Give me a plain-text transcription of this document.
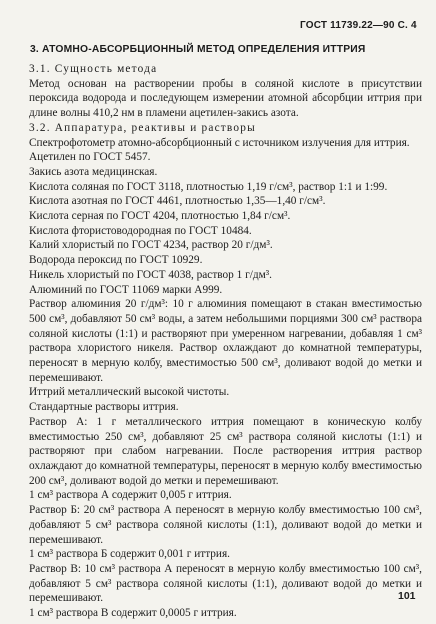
ГОСТ 11739.22—90 С. 4
3. АТОМНО-АБСОРБЦИОННЫЙ МЕТОД ОПРЕДЕЛЕНИЯ ИТТРИЯ

3.1. Сущность метода

Метод основан на растворении пробы в соляной кислоте в присутствии пероксида водорода и последующем измерении атомной абсорбции иттрия при длине волны 410,2 нм в пламени ацетилен-закись азота.

3.2. Аппаратура, реактивы и растворы

Спектрофотометр атомно-абсорбционный с источником излучения для иттрия.

Ацетилен по ГОСТ 5457.

Закись азота медицинская.

Кислота соляная по ГОСТ 3118, плотностью 1,19 г/см³, раствор 1:1 и 1:99.

Кислота азотная по ГОСТ 4461, плотностью 1,35—1,40 г/см³.

Кислота серная по ГОСТ 4204, плотностью 1,84 г/см³.

Кислота фтористоводородная по ГОСТ 10484.

Калий хлористый по ГОСТ 4234, раствор 20 г/дм³.

Водорода пероксид по ГОСТ 10929.

Никель хлористый по ГОСТ 4038, раствор 1 г/дм³.

Алюминий по ГОСТ 11069 марки А999.

Раствор алюминия 20 г/дм³: 10 г алюминия помещают в стакан вместимостью 500 см³, добавляют 50 см³ воды, а затем небольшими порциями 300 см³ раствора соляной кислоты (1:1) и растворяют при умеренном нагревании, добавляя 1 см³ раствора хлористого никеля. Раствор охлаждают до комнатной температуры, переносят в мерную колбу, вместимостью 500 см³, доливают водой до метки и перемешивают.

Иттрий металлический высокой чистоты.

Стандартные растворы иттрия.

Раствор А: 1 г металлического иттрия помещают в коническую колбу вместимостью 250 см³, добавляют 25 см³ раствора соляной кислоты (1:1) и растворяют при слабом нагревании. После растворения иттрия раствор охлаждают до комнатной температуры, переносят в мерную колбу вместимостью 200 см³, доливают водой до метки и перемешивают.

1 см³ раствора А содержит 0,005 г иттрия.

Раствор Б: 20 см³ раствора А переносят в мерную колбу вместимостью 100 см³, добавляют 5 см³ раствора соляной кислоты (1:1), доливают водой до метки и перемешивают.

1 см³ раствора Б содержит 0,001 г иттрия.

Раствор В: 10 см³ раствора А переносят в мерную колбу вместимостью 100 см³, добавляют 5 см³ раствора соляной кислоты (1:1), доливают водой до метки и перемешивают.

1 см³ раствора В содержит 0,0005 г иттрия.

101
